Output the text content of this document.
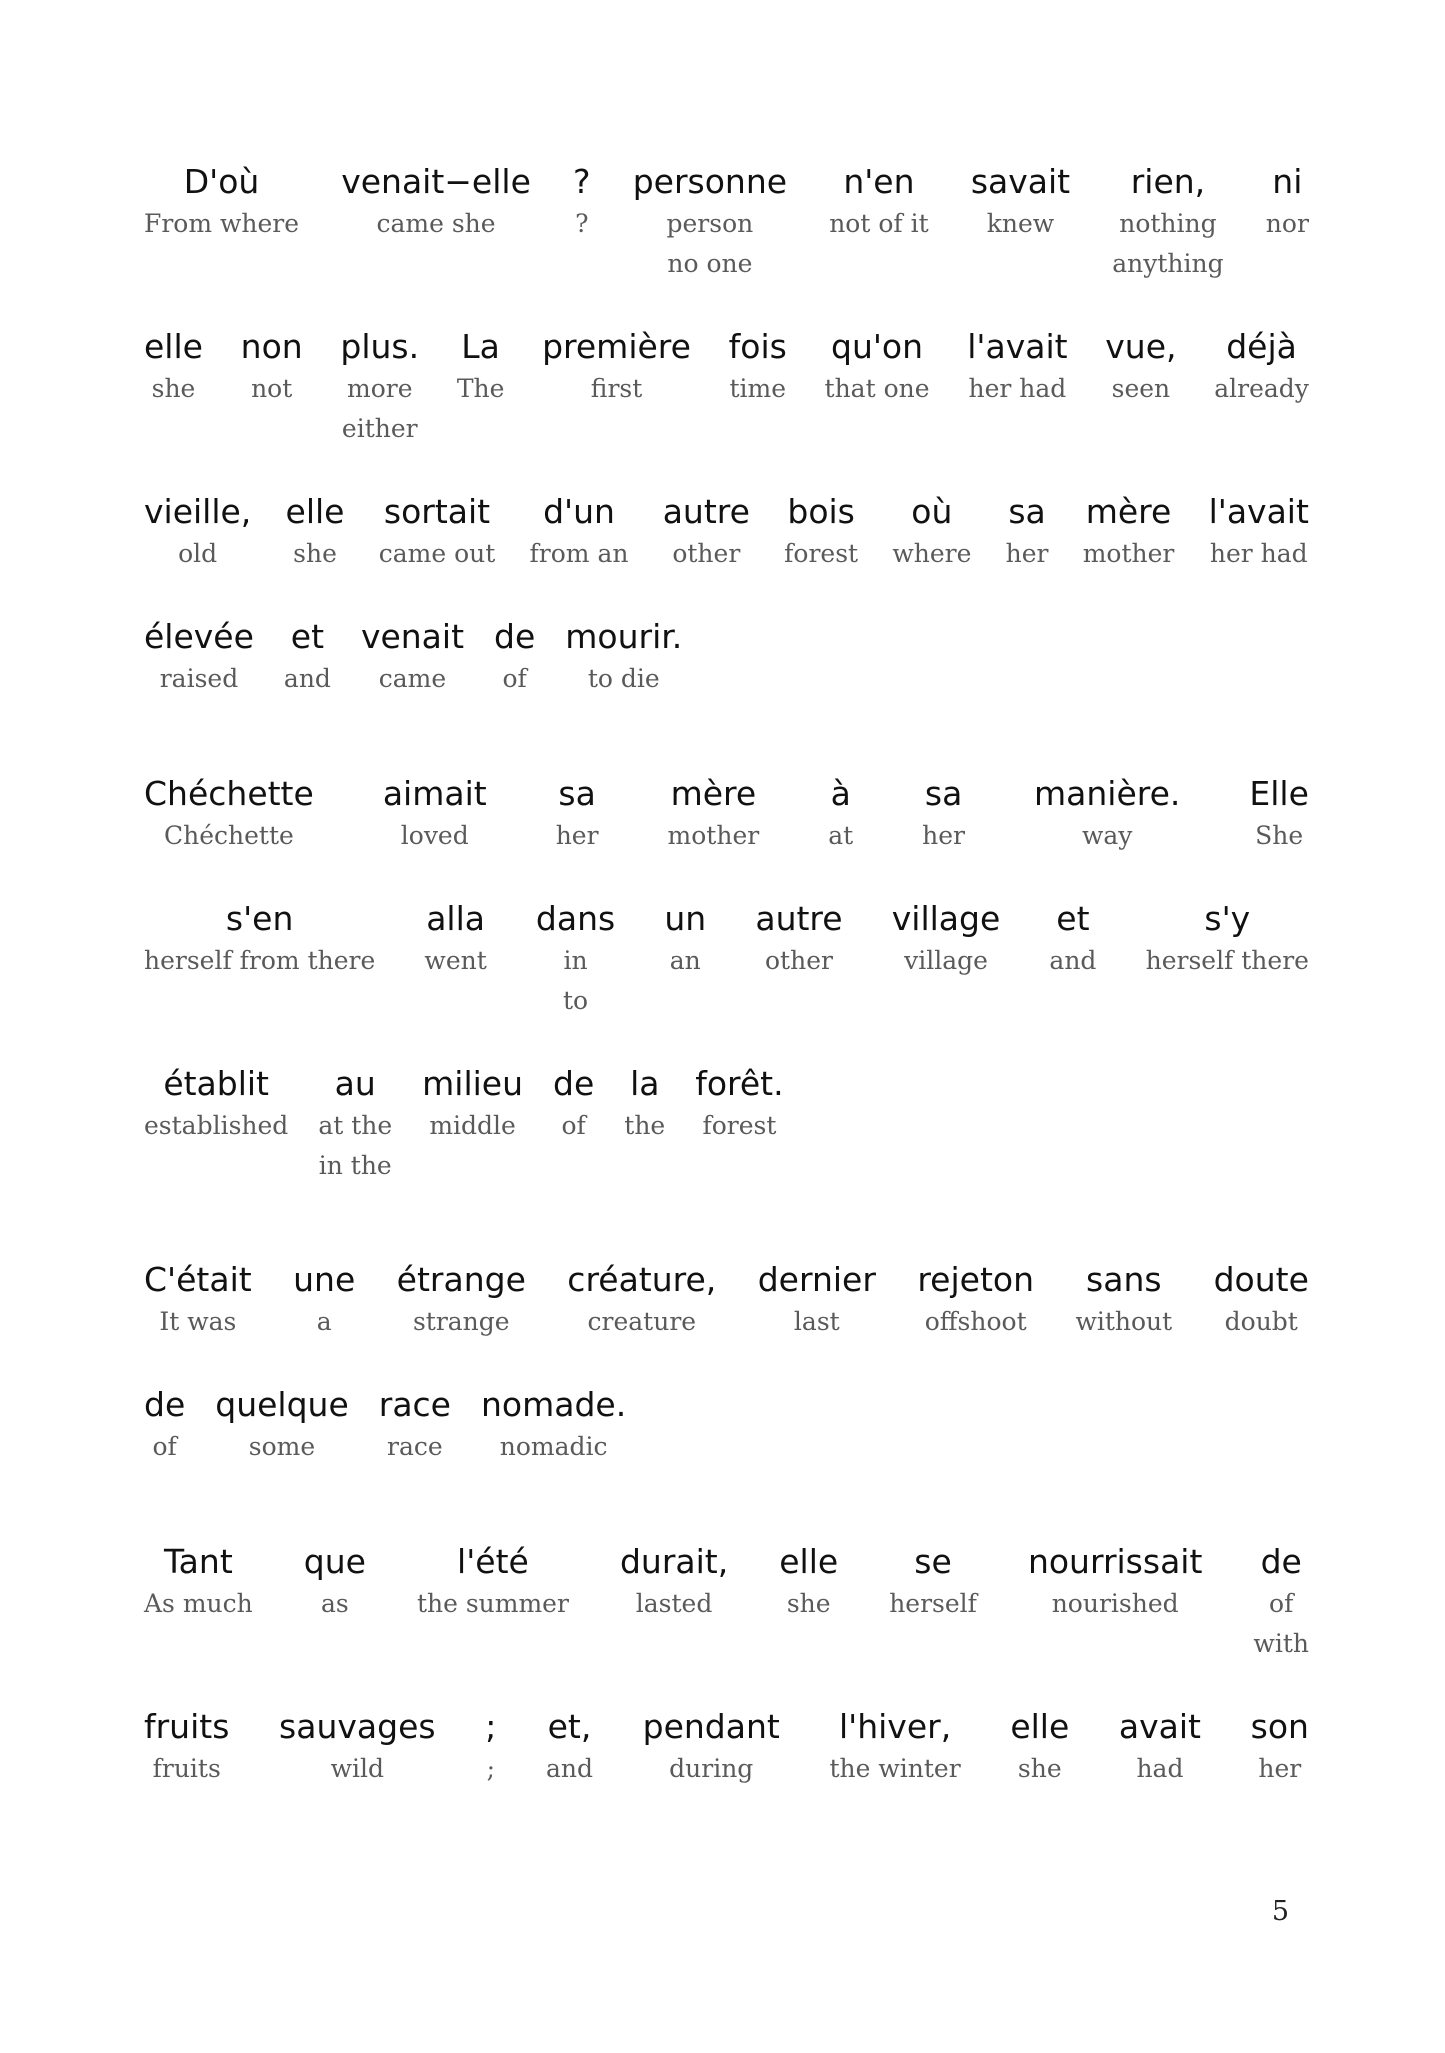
D'où
From where
venait−elle
came she
?
?
personne
person
no one
n'en
not of it
savait
knew
rien,
nothing
anything
ni
nor
elle
she
non
not
plus.
more
either
La
The
première
first
fois
time
qu'on
that one
l'avait
her had
vue,
seen
déjà
already
vieille,
old
elle
she
sortait
came out
d'un
from an
autre
other
bois
forest
où
where
sa
her
mère
mother
l'avait
her had
élevée
raised
et
and
venait
came
de
of
mourir.
to die
Chéchette
Chéchette
aimait
loved
sa
her
mère
mother
à
at
sa
her
manière.
way
Elle
She
s'en
herself from there
alla
went
dans
in
to
un
an
autre
other
village
village
et
and
s'y
herself there
établit
established
au
at the
in the
milieu
middle
de
of
la
the
forêt.
forest
C'était
It was
une
a
étrange
strange
créature,
creature
dernier
last
rejeton
offshoot
sans
without
doute
doubt
de
of
quelque
some
race
race
nomade.
nomadic
Tant
As much
que
as
l'été
the summer
durait,
lasted
elle
she
se
herself
nourrissait
nourished
de
of
with
fruits
fruits
sauvages
wild
;
;
et,
and
pendant
during
l'hiver,
the winter
elle
she
avait
had
son
her
5
